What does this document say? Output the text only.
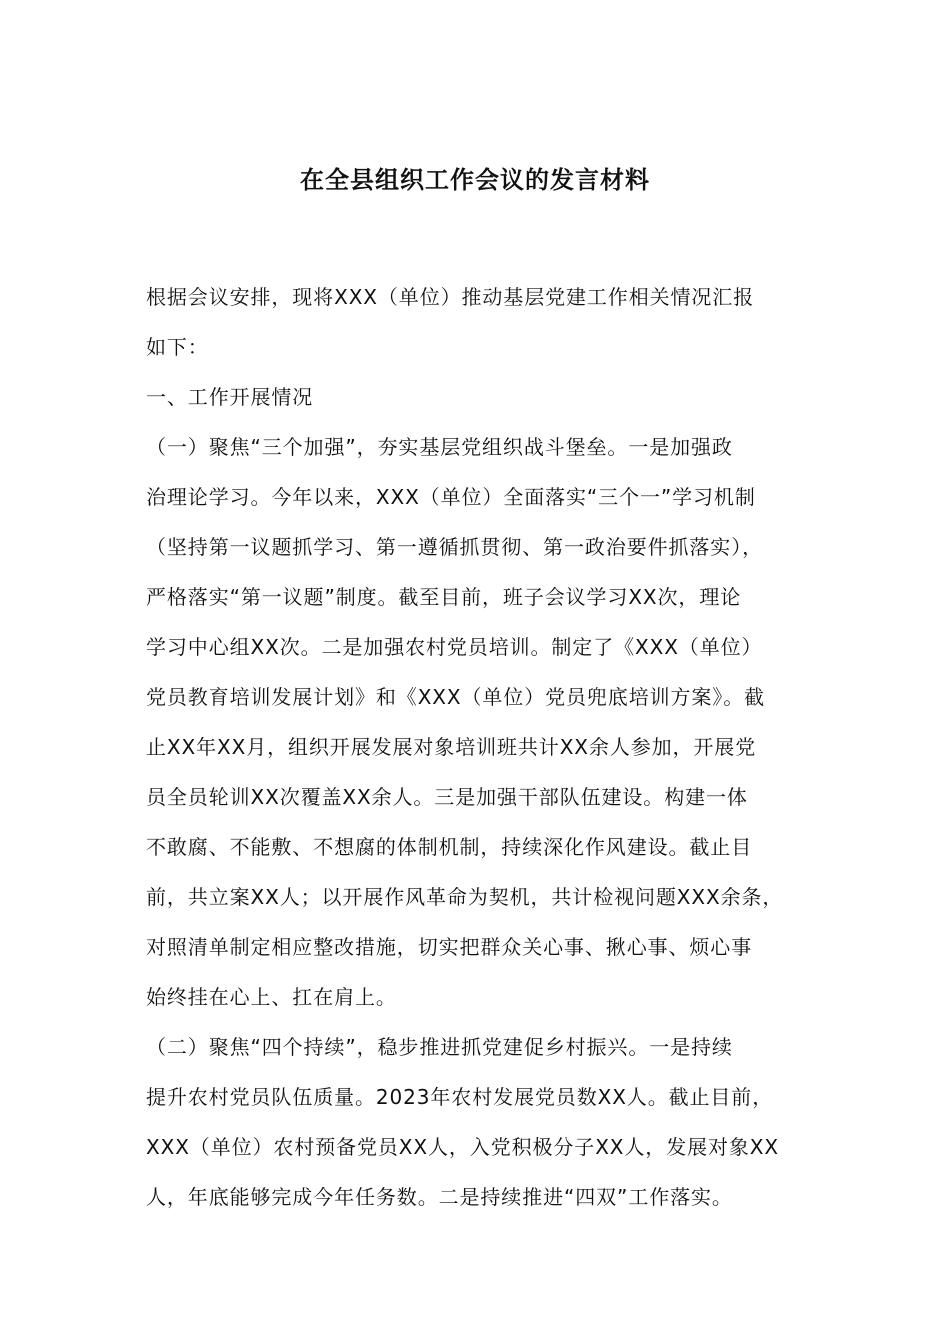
在全县组织工作会议的发言材料
根据会议安排，现将XXX（单位）推动基层党建工作相关情况汇报
如下：
一、工作开展情况
（一）聚焦“三个加强”，夯实基层党组织战斗堡垒。一是加强政
治理论学习。今年以来，XXX（单位）全面落实“三个一”学习机制
（坚持第一议题抓学习、第一遵循抓贯彻、第一政治要件抓落实），
严格落实“第一议题”制度。截至目前，班子会议学习XX次，理论
学习中心组XX次。二是加强农村党员培训。制定了《XXX（单位）
党员教育培训发展计划》和《XXX（单位）党员兜底培训方案》。截
止XX年XX月，组织开展发展对象培训班共计XX余人参加，开展党
员全员轮训XX次覆盖XX余人。三是加强干部队伍建设。构建一体
不敢腐、不能敷、不想腐的体制机制，持续深化作风建设。截止目
前，共立案XX人；以开展作风革命为契机，共计检视问题XXX余条，
对照清单制定相应整改措施，切实把群众关心事、揪心事、烦心事
始终挂在心上、扛在肩上。
（二）聚焦“四个持续”，稳步推进抓党建促乡村振兴。一是持续
提升农村党员队伍质量。2023年农村发展党员数XX人。截止目前，
XXX（单位）农村预备党员XX人，入党积极分子XX人，发展对象XX
人，年底能够完成今年任务数。二是持续推进“四双”工作落实。
